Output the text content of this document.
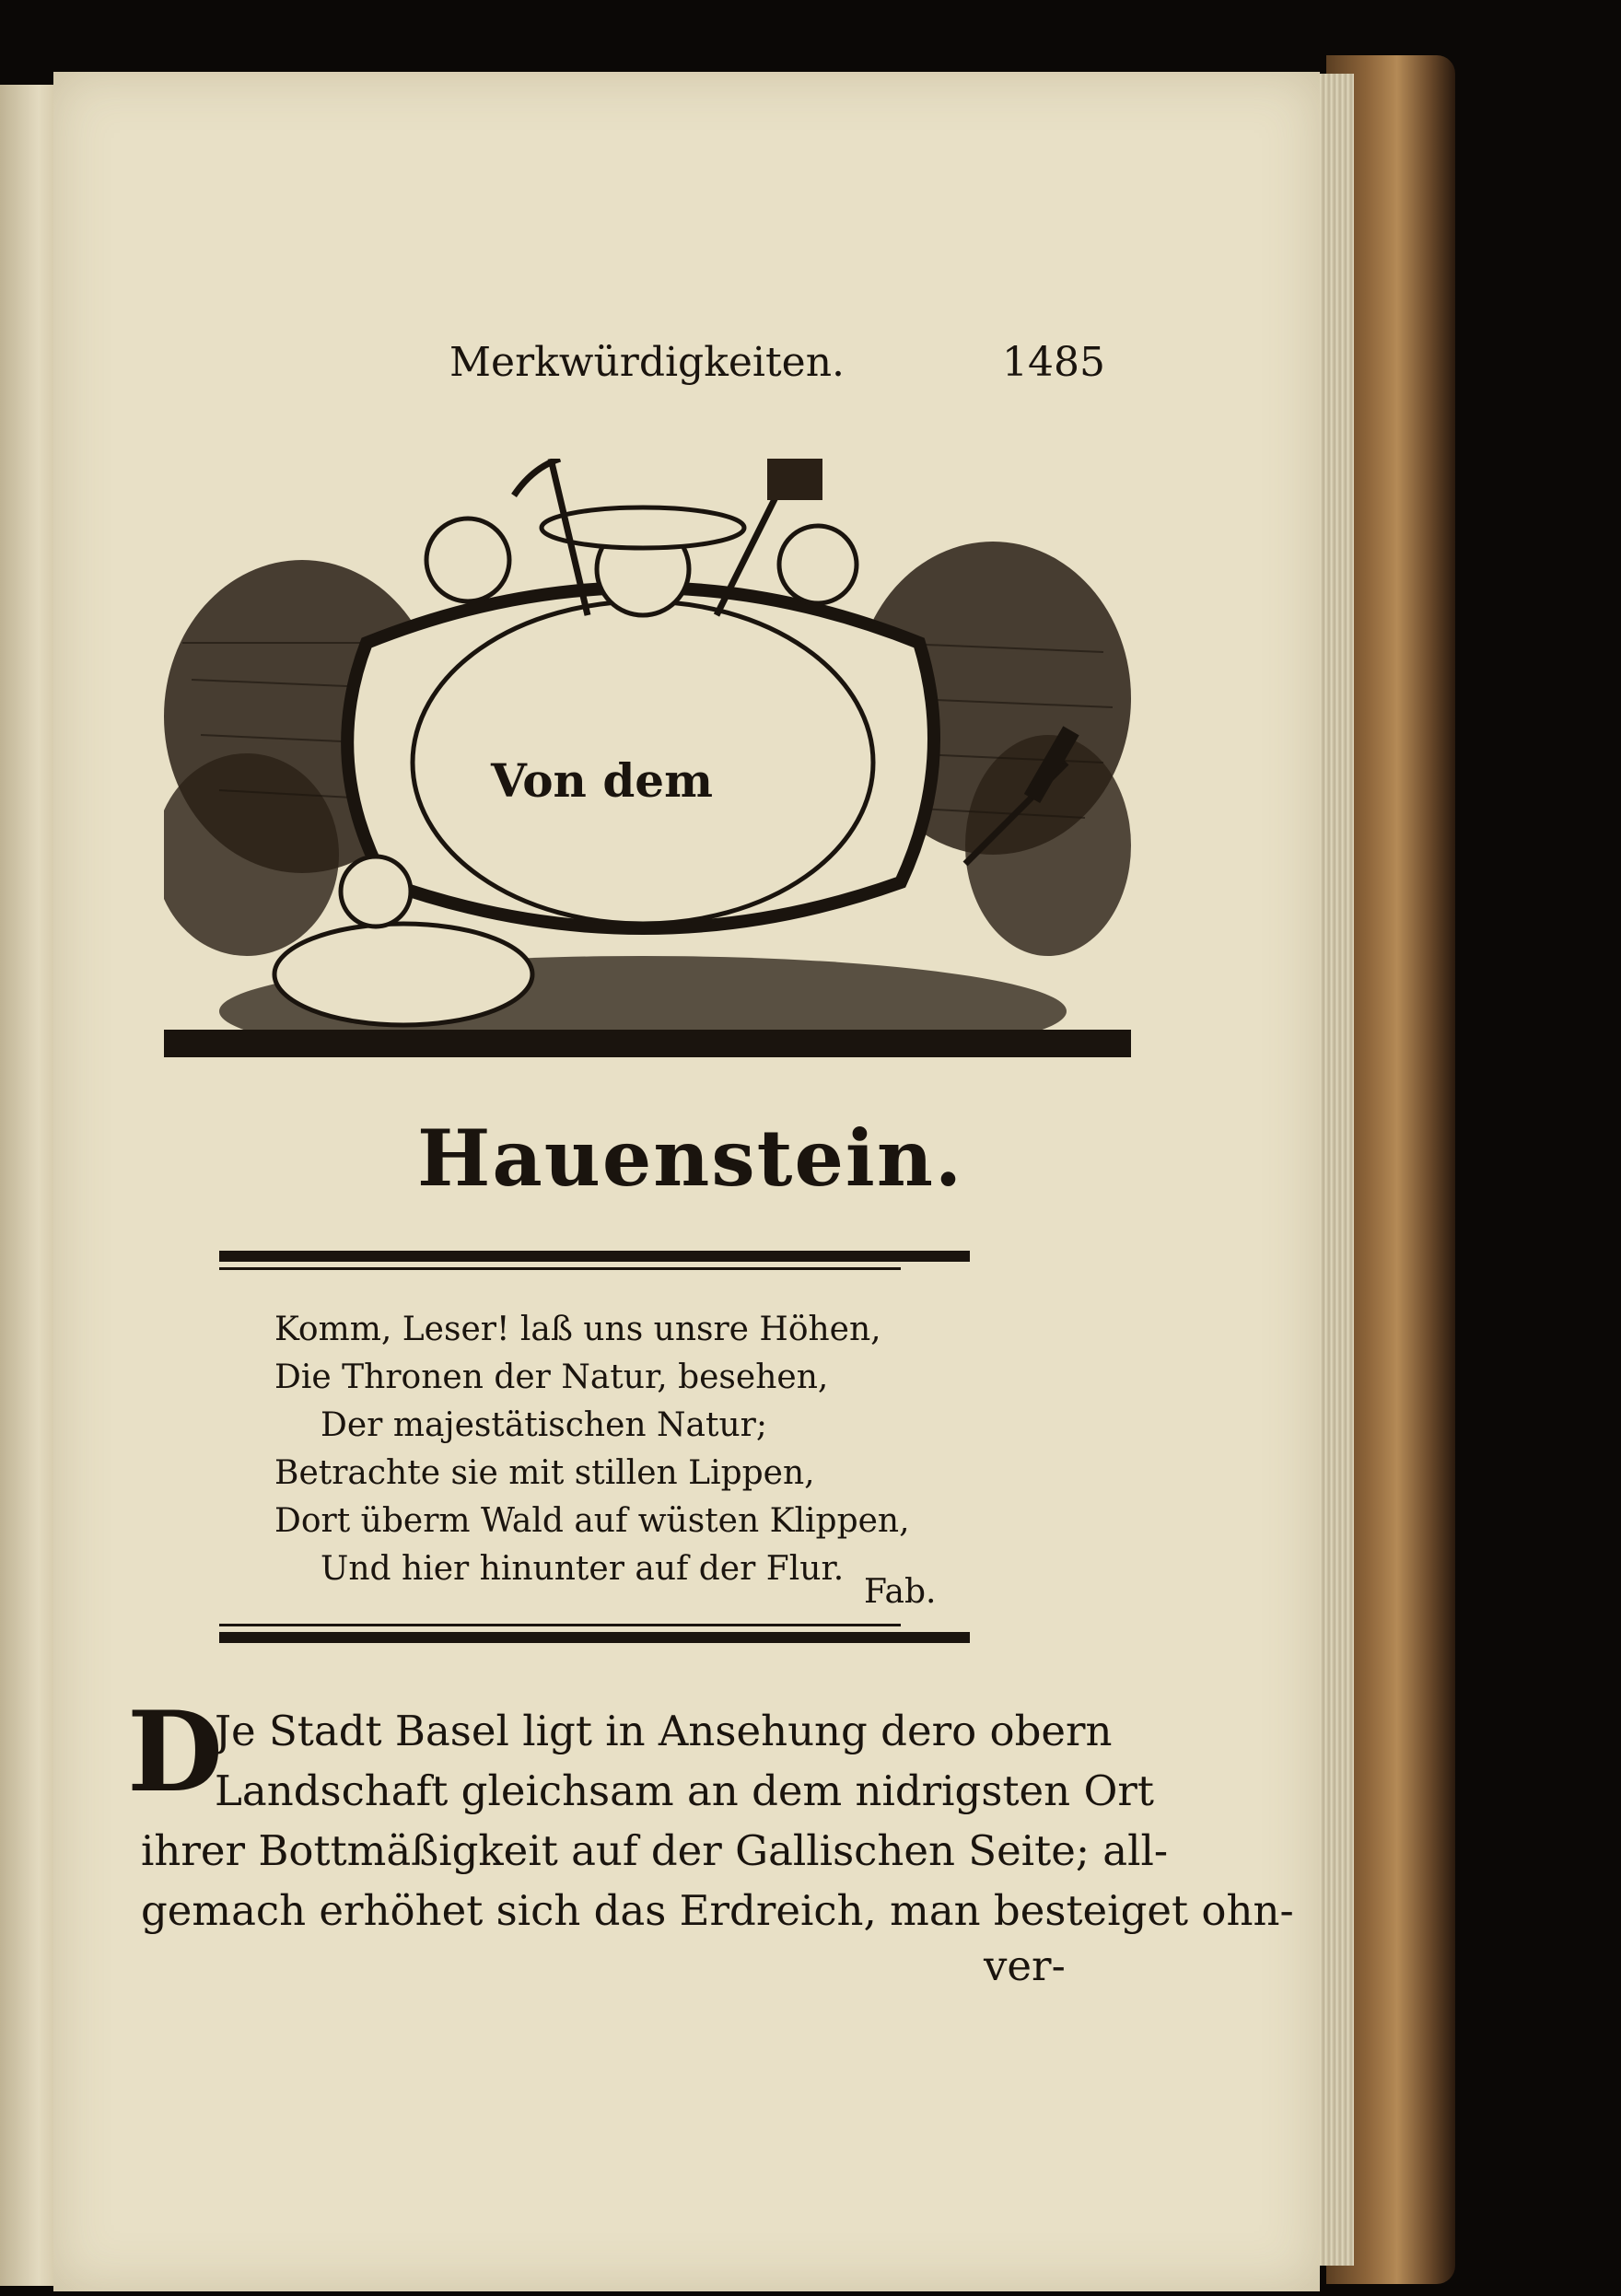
Merkwürdigkeiten.	1485
Von dem
Hauenstein.
Komm, Leser! laß uns unsre Höhen,
Die Thronen der Natur, besehen,
Der majestätischen Natur;
Betrachte sie mit stillen Lippen,
Dort überm Wald auf wüsten Klippen,
Und hier hinunter auf der Flur.
Fab.
D
Je Stadt Basel ligt in Ansehung dero obern
Landschaft gleichsam an dem nidrigsten Ort
ihrer Bottmäßigkeit auf der Gallischen Seite; all-
gemach erhöhet sich das Erdreich, man besteiget ohn-
ver-
